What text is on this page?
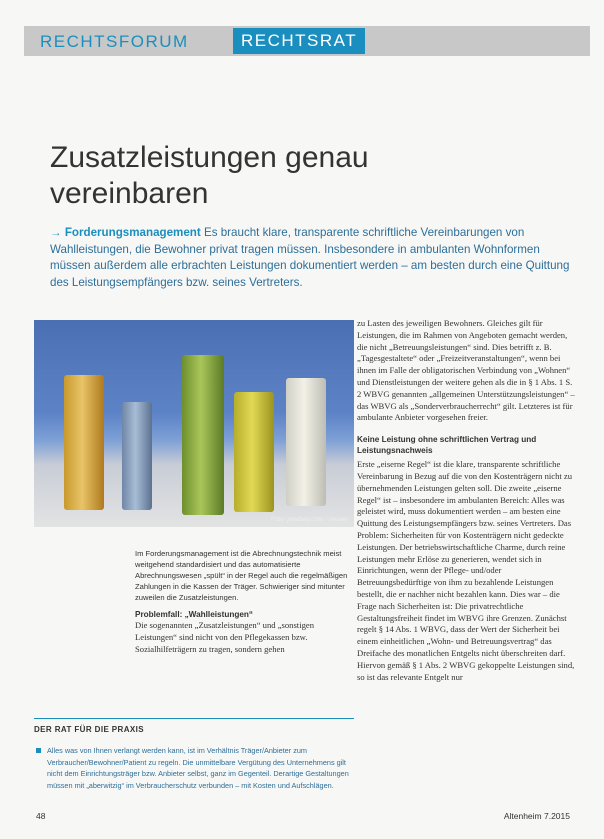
RECHTSFORUM	RECHTSRAT
Zusatzleistungen genau
vereinbaren
→ Forderungsmanagement Es braucht klare, transparente schriftliche Vereinbarungen von Wahlleistungen, die Bewohner privat tragen müssen. Insbesondere in ambulanten Wohnformen müssen außerdem alle erbrachten Leistungen dokumentiert werden – am besten durch eine Quittung des Leistungsempfängers bzw. seines Vertreters.
Foto: pixabay.com / neuwe

Im Forderungsmanagement ist die Abrechnungstechnik meist weitgehend standardisiert und das automatisierte Abrechnungswesen „spült“ in der Regel auch die regelmäßigen Zahlungen in die Kassen der Träger. Schwieriger sind mitunter zuweilen die Zusatzleistungen.

Problemfall: „Wahlleistungen“

Die sogenannten „Zusatzleistungen“ und „sonstigen Leistungen“ sind nicht von den Pflegekassen bzw. Sozialhilfeträgern zu tragen, sondern gehen

zu Lasten des jeweiligen Bewohners. Gleiches gilt für Leistungen, die im Rahmen von Angeboten gemacht werden, die nicht „Betreuungsleistungen“ sind. Dies betrifft z. B. „Tagesgestaltete“ oder „Freizeitveranstaltungen“, wenn bei ihnen im Falle der obligatorischen Verbindung von „Wohnen“ und Dienstleistungen der weitere gehen als die in § 1 Abs. 1 S. 2 WBVG genannten „allgemeinen Unterstützungsleistungen“ – das WBVG als „Sonderverbraucherrecht“ gilt. Letzteres ist für ambulante Anbieter vorgesehen freier.

Keine Leistung ohne schriftlichen Vertrag und Leistungsnachweis

Erste „eiserne Regel“ ist die klare, transparente schriftliche Vereinbarung in Bezug auf die von den Kostenträgern nicht zu übernehmenden Leistungen gelten soll. Die zweite „eiserne Regel“ ist – insbesondere im ambulanten Bereich: Alles was geleistet wird, muss dokumentiert werden – am besten eine Quittung des Leistungsempfängers bzw. seines Vertreters. Das Problem: Sicherheiten für von Kostenträgern nicht gedeckte Leistungen. Der betriebswirtschaftliche Charme, durch reine Leistungen mehr Erlöse zu generieren, wendet sich in Einrichtungen, wenn der Pflege- und/oder Betreuungsbedürftige von ihm zu bezahlende Leistungen bestellt, die er nachher nicht bezahlen kann. Dies war – die Frage nach Sicherheiten ist: Die privatrechtliche Gestaltungsfreiheit findet im WBVG ihre Grenzen. Zunächst regelt § 14 Abs. 1 WBVG, dass der Wert der Sicherheit bei einem einheitlichen „Wohn- und Betreuungsvertrag“ das Dreifache des monatlichen Entgelts nicht überschreiten darf. Hiervon gemäß § 1 Abs. 2 WBVG gekoppelte Leistungen sind, so ist das relevante Entgelt nur

DER RAT FÜR DIE PRAXIS
Alles was von Ihnen verlangt werden kann, ist im Verhältnis Träger/Anbieter zum Verbraucher/Bewohner/Patient zu regeln. Die unmittelbare Vergütung des Unternehmens gilt nicht dem Einrichtungsträger bzw. Anbieter selbst, ganz im Gegenteil. Derartige Gestaltungen müssen mit „aberwitzig“ im Verbraucherschutz verbunden – mit Kosten und Aufschlägen.
48	Altenheim 7.2015
